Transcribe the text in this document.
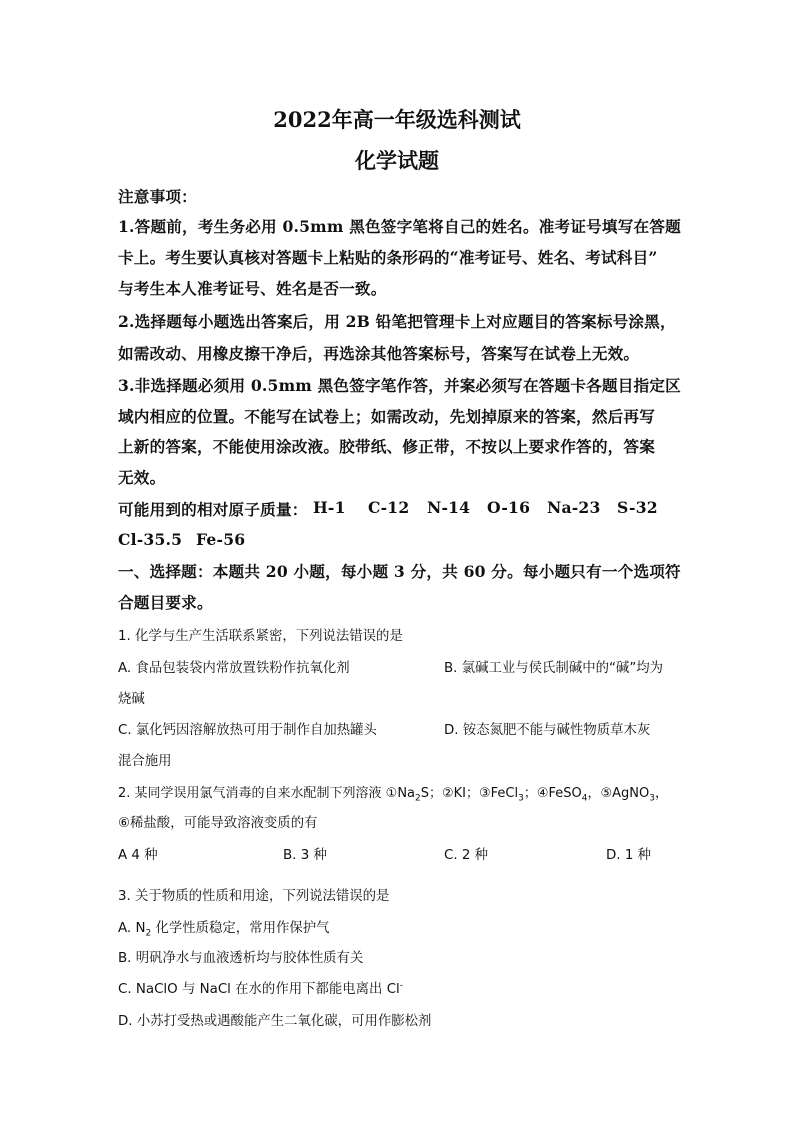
2022年高一年级选科测试
化学试题
注意事项：
1.答题前，考生务必用 0.5mm 黑色签字笔将自己的姓名。准考证号填写在答题
卡上。考生要认真核对答题卡上粘贴的条形码的“准考证号、姓名、考试科目”
与考生本人准考证号、姓名是否一致。
2.选择题每小题选出答案后，用 2B 铅笔把管理卡上对应题目的答案标号涂黑，
如需改动、用橡皮擦干净后，再选涂其他答案标号，答案写在试卷上无效。
3.非选择题必须用 0.5mm 黑色签字笔作答，并案必须写在答题卡各题目指定区
域内相应的位置。不能写在试卷上；如需改动，先划掉原来的答案，然后再写
上新的答案，不能使用涂改液。胶带纸、修正带，不按以上要求作答的，答案
无效。
可能用到的相对原子质量： H-1 C-12 N-14 O-16 Na-23 S-32
Cl-35.5 Fe-56
一、选择题：本题共 20 小题，每小题 3 分，共 60 分。每小题只有一个选项符
合题目要求。
1. 化学与生产生活联系紧密，下列说法错误的是
A. 食品包装袋内常放置铁粉作抗氧化剂	B. 氯碱工业与侯氏制碱中的“碱”均为
烧碱
C. 氯化钙因溶解放热可用于制作自加热罐头	D. 铵态氮肥不能与碱性物质草木灰
混合施用
2. 某同学误用氯气消毒的自来水配制下列溶液 $①Na_2S$；②KI；③FeCl$_3$；④FeSO$_4$，⑤AgNO$_3$，
⑥稀盐酸，可能导致溶液变质的有
A 4 种	B. 3 种	C. 2 种	D. 1 种
3. 关于物质的性质和用途，下列说法错误的是
A. $N_2$ 化学性质稳定，常用作保护气
B. 明矾净水与血液透析均与胶体性质有关
C. NaClO 与 NaCl 在水的作用下都能电离出 Cl-
D. 小苏打受热或遇酸能产生二氧化碳，可用作膨松剂
